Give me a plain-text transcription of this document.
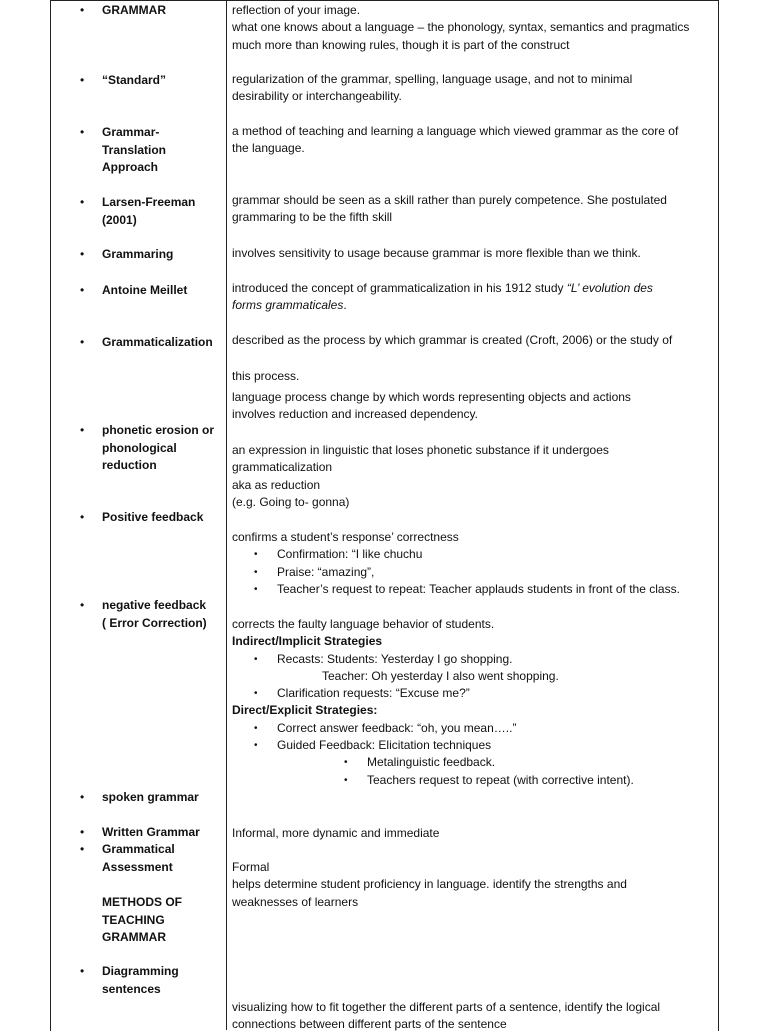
•
•
•
•
•
•
•
•
•
•
•
•
•
•
GRAMMAR
“Standard”
Grammar-
Translation
Approach
Larsen-Freeman
(2001)
Grammaring
Antoine Meillet
Grammaticalization
phonetic erosion or
phonological
reduction
Positive feedback
negative feedback
( Error Correction)
spoken grammar
Written Grammar
Grammatical
Assessment
METHODS OF
TEACHING
GRAMMAR
Diagramming
sentences
reflection of your image.
what one knows about a language – the phonology, syntax, semantics and pragmatics
much more than knowing rules, though it is part of the construct
regularization of the grammar, spelling, language usage, and not to minimal
desirability or interchangeability.
a method of teaching and learning a language which viewed grammar as the core of
the language.
grammar should be seen as a skill rather than purely competence. She postulated
grammaring to be the fifth skill
involves sensitivity to usage because grammar is more flexible than we think.
introduced the concept of grammaticalization in his 1912 study “L’ evolution des
forms grammaticales.
described as the process by which grammar is created (Croft, 2006) or the study of
this process.
language process change by which words representing objects and actions
involves reduction and increased dependency.
an expression in linguistic that loses phonetic substance if it undergoes
grammaticalization
aka as reduction
(e.g. Going to- gonna)
confirms a student’s response’ correctness
• Confirmation: “I like chuchu
• Praise: “amazing”,
• Teacher’s request to repeat: Teacher applauds students in front of the class.
corrects the faulty language behavior of students.
Indirect/Implicit Strategies
• Recasts: Students: Yesterday I go shopping.
Teacher: Oh yesterday I also went shopping.
• Clarification requests: “Excuse me?”
Direct/Explicit Strategies:
• Correct answer feedback: “oh, you mean…..”
• Guided Feedback: Elicitation techniques
• Metalinguistic feedback.
• Teachers request to repeat (with corrective intent).
Informal, more dynamic and immediate
Formal
helps determine student proficiency in language. identify the strengths and
weaknesses of learners
visualizing how to fit together the different parts of a sentence, identify the logical
connections between different parts of the sentence
